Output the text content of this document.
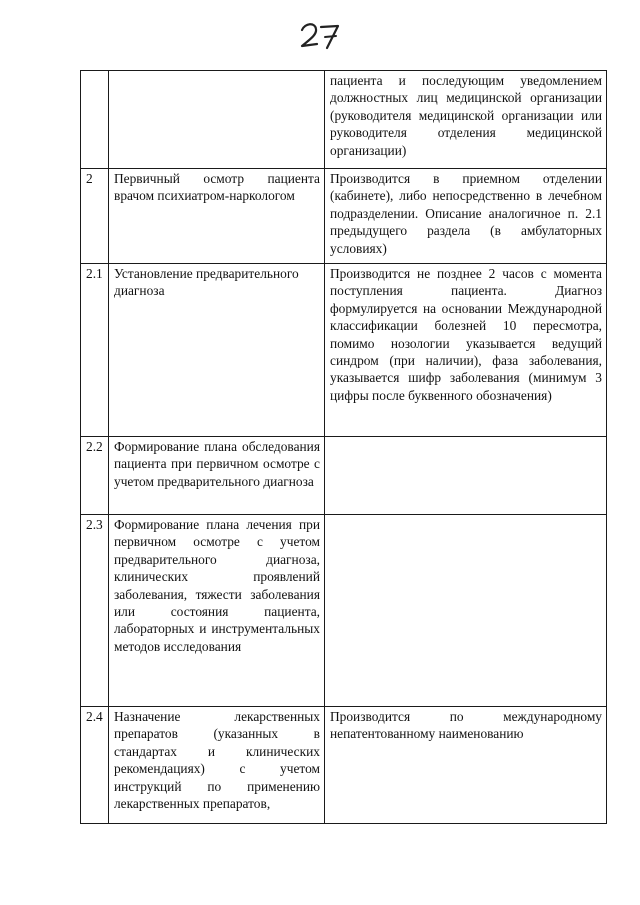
		пациента и последующим уведомлением должностных лиц медицинской организации (руководителя медицинской организации или руководителя отделения медицинской организации)
2	Первичный осмотр пациента врачом психиатром-наркологом	Производится в приемном отделении (кабинете), либо непосредственно в лечебном подразделении. Описание аналогичное п. 2.1 предыдущего раздела (в амбулаторных условиях)
2.1	Установление предварительного диагноза	Производится не позднее 2 часов с момента поступления пациента. Диагноз формулируется на основании Международной классификации болезней 10 пересмотра, помимо нозологии указывается ведущий синдром (при наличии), фаза заболевания, указывается шифр заболевания (минимум 3 цифры после буквенного обозначения)
2.2	Формирование плана обследования пациента при первичном осмотре с учетом предварительного диагноза	
2.3	Формирование плана лечения при первичном осмотре с учетом предварительного диагноза, клинических проявлений заболевания, тяжести заболевания или состояния пациента, лабораторных и инструментальных методов исследования	
2.4	Назначение лекарственных препаратов (указанных в стандартах и клинических рекомендациях) с учетом инструкций по применению лекарственных препаратов,	Производится по международному непатентованному наименованию
